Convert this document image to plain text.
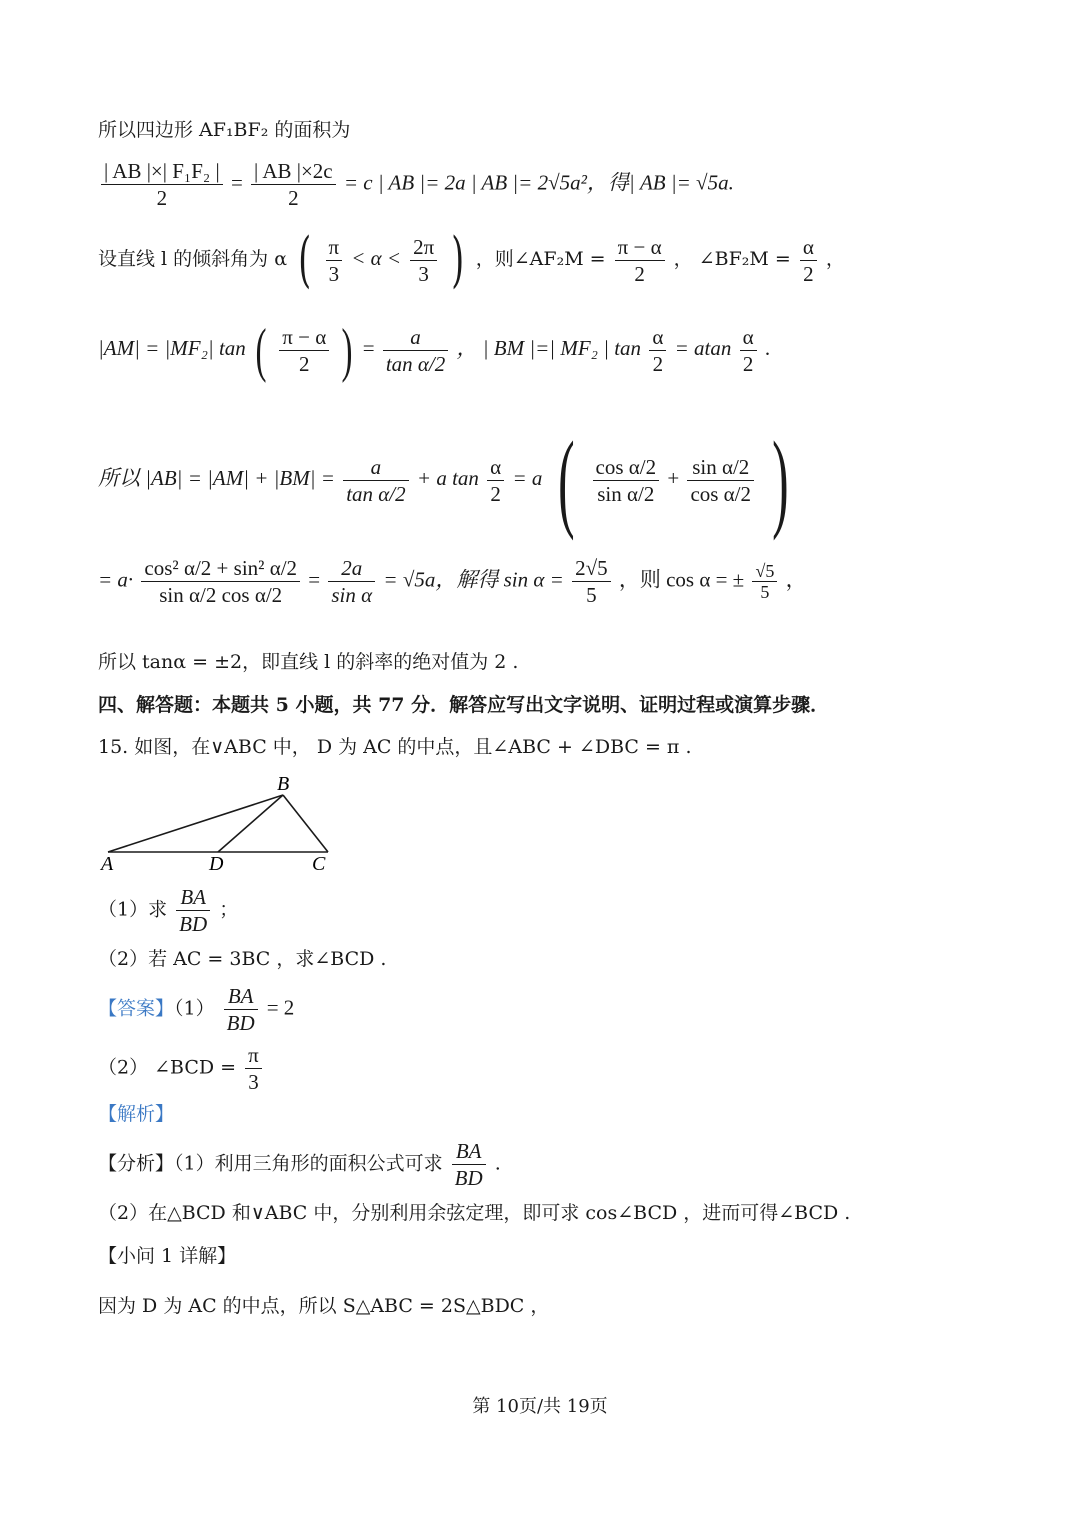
所以四边形 AF₁BF₂ 的面积为
$\frac{\text{| AB |×| F₁F₂ |}}{2} = \frac{| AB |\times 2c}{2} = c$ | AB |= 2a | AB |= 2√5a²，得| AB |= √5a.
设直线 l 的倾斜角为 α ( $\frac{\pi}{3} < \alpha < \frac{2\pi}{3}$ ) ，则∠AF₂M = $\frac{\pi - \alpha}{2}$ ， ∠BF₂M = $\frac{\alpha}{2}$ ，
|AM| = |MF₂| tan ( $\frac{\pi - \alpha}{2}$ ) = $\frac{a}{\text{tan α/2}}$ ， | BM |=| MF₂ | $\tan \frac{\alpha}{2} = atan \frac{\alpha}{2}$ .
所以 $|AB| = |AM| + |BM| = \frac{a}{\text{tan α/2}} + a$ $\tan \frac{\alpha}{2} = a$ ( $\frac{\text{cos α/2}}{\text{sin α/2}} + \frac{\text{sin α/2}}{\text{cos α/2}}$ )
= $a\cdot \frac{\text{cos² α/2 + sin² α/2}}{\text{sin α/2 cos α/2}} = \frac{2a}{\text{sin α}} = √5a$，解得 $\sin \alpha = \frac{2√5}{5}$ ，则 cos α = ± $\frac{√5}{5}$ ，
所以 tanα = ±2，即直线 l 的斜率的绝对值为 2 .
四、解答题：本题共 5 小题，共 77 分．解答应写出文字说明、证明过程或演算步骤．
15. 如图，在∨ABC 中， D 为 AC 的中点，且∠ABC + ∠DBC = π .
A
B
C
D
（1）求 $\frac{BA}{BD}$ ；
（2）若 AC = 3BC ，求∠BCD .
【答案】$(1) \frac{BA}{BD} = 2$
（2） ∠BCD = $\frac{\pi}{3}$
【解析】
【分析】（1）利用三角形的面积公式可求 $\frac{BA}{BD}$ .
（2）在△BCD 和∨ABC 中，分别利用余弦定理，即可求 cos∠BCD ，进而可得∠BCD .
【小问 1 详解】
因为 D 为 AC 的中点，所以 S△ABC = 2S△BDC ，
第 10页/共 19页
